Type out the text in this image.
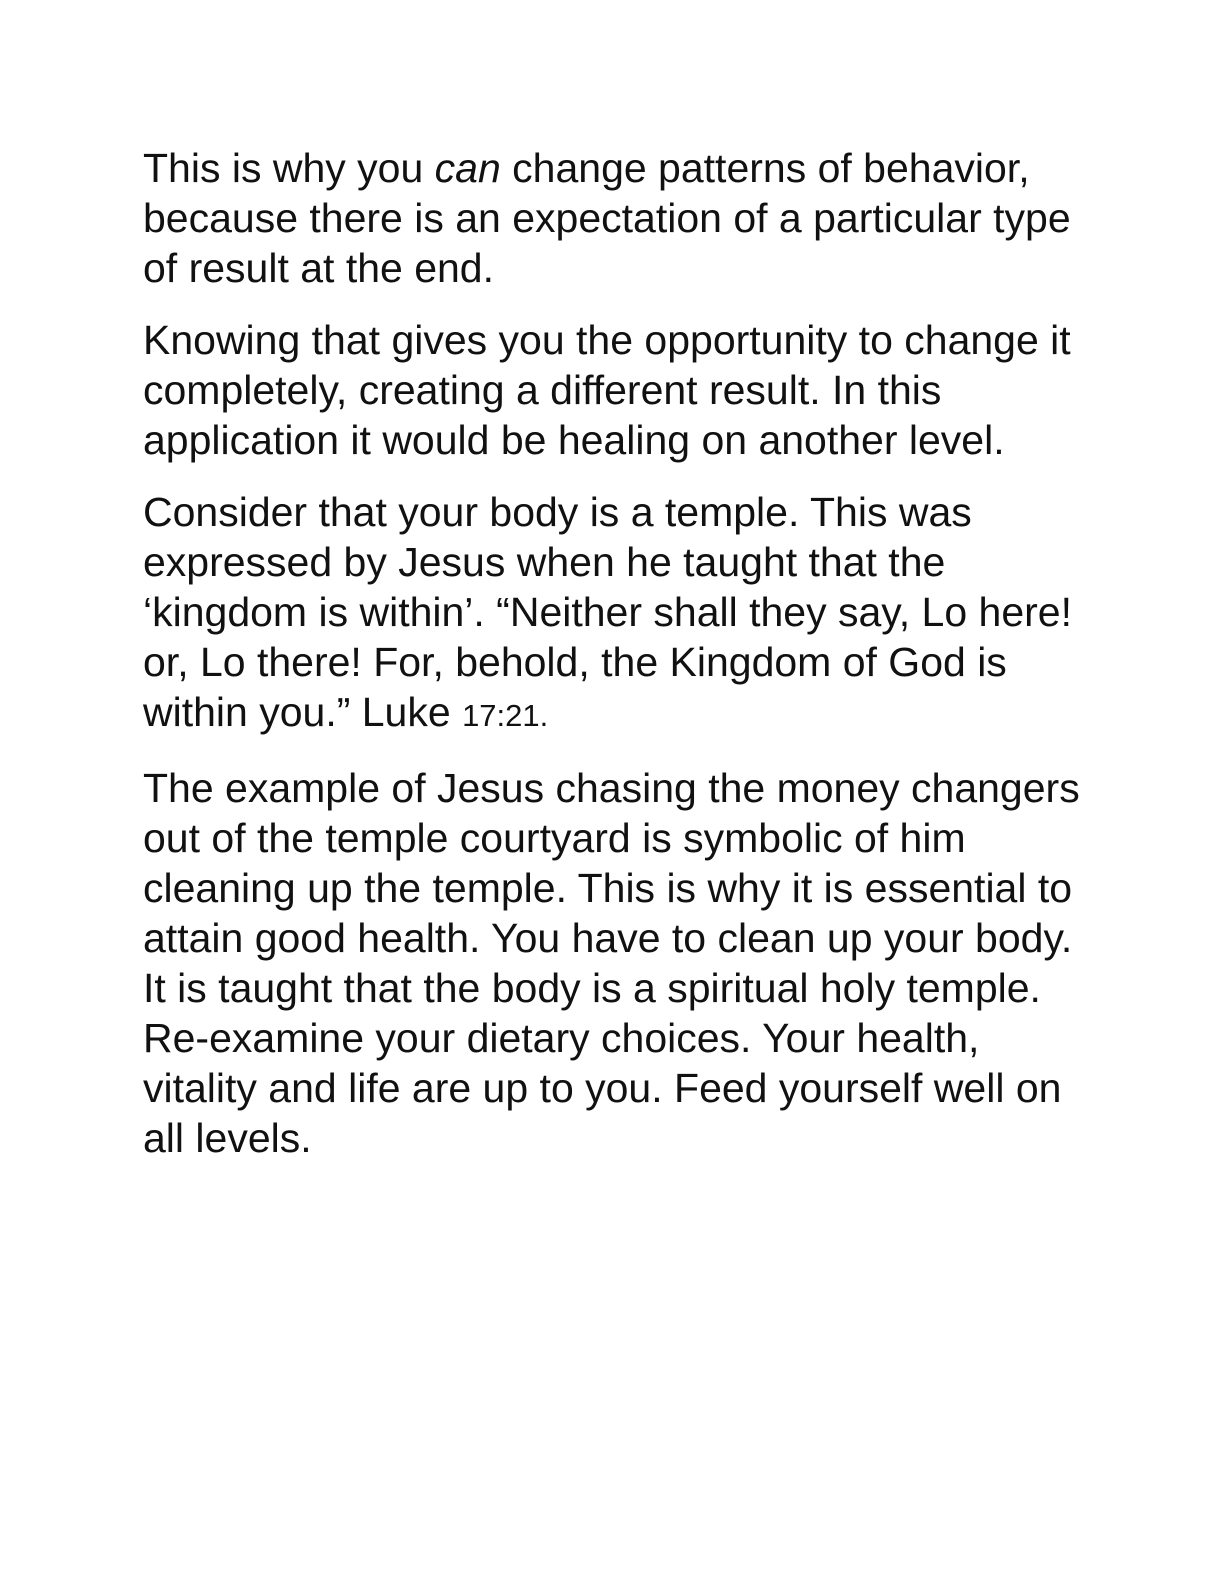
This is why you can change patterns of behavior, because there is an expectation of a particular type of result at the end.

Knowing that gives you the opportunity to change it completely, creating a different result. In this application it would be healing on another level.

Consider that your body is a temple. This was expressed by Jesus when he taught that the ‘kingdom is within’. “Neither shall they say, Lo here! or, Lo there! For, behold, the Kingdom of God is within you.” Luke 17:21.

The example of Jesus chasing the money changers out of the temple courtyard is symbolic of him cleaning up the temple. This is why it is essential to attain good health. You have to clean up your body. It is taught that the body is a spiritual holy temple. Re-examine your dietary choices. Your health, vitality and life are up to you. Feed yourself well on all levels.
